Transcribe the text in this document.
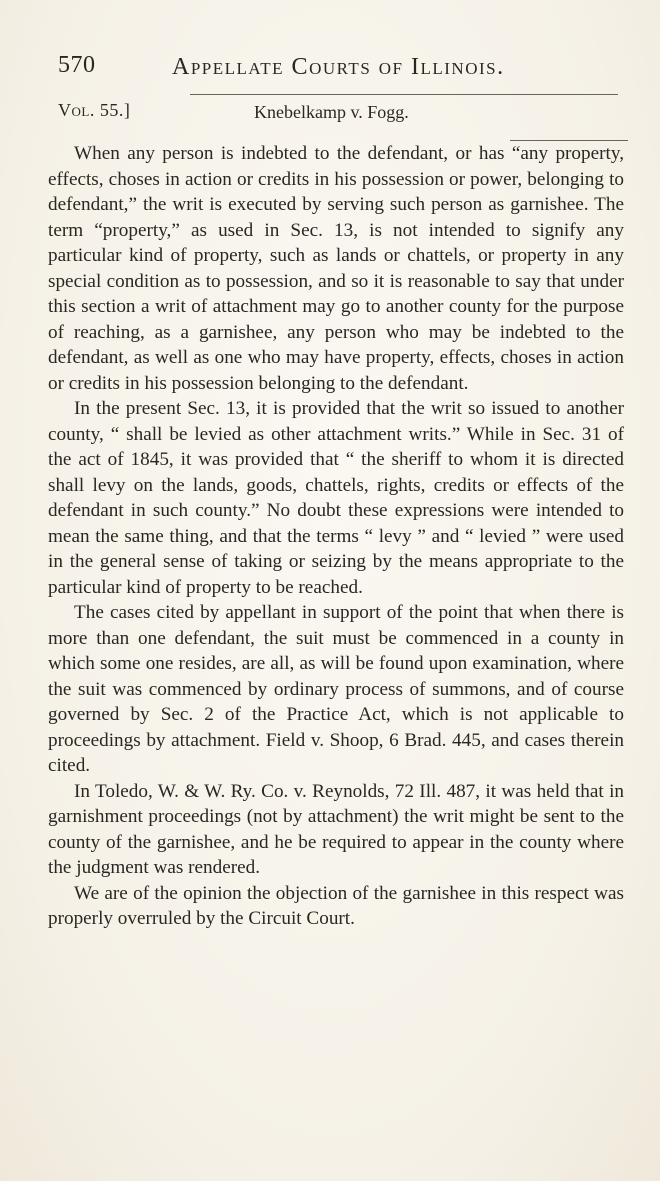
570	Appellate Courts of Illinois.
Vol. 55.]	Knebelkamp v. Fogg.

When any person is indebted to the defendant, or has “any property, effects, choses in action or credits in his possession or power, belonging to defendant,” the writ is executed by serving such person as garnishee. The term “property,” as used in Sec. 13, is not intended to signify any particular kind of property, such as lands or chattels, or property in any special condition as to possession, and so it is reasonable to say that under this section a writ of attachment may go to another county for the purpose of reaching, as a garnishee, any person who may be indebted to the defendant, as well as one who may have property, effects, choses in action or credits in his possession belonging to the defendant.

In the present Sec. 13, it is provided that the writ so issued to another county, “ shall be levied as other attachment writs.” While in Sec. 31 of the act of 1845, it was provided that “ the sheriff to whom it is directed shall levy on the lands, goods, chattels, rights, credits or effects of the defendant in such county.” No doubt these expressions were intended to mean the same thing, and that the terms “ levy ” and “ levied ” were used in the general sense of taking or seizing by the means appropriate to the particular kind of property to be reached.

The cases cited by appellant in support of the point that when there is more than one defendant, the suit must be commenced in a county in which some one resides, are all, as will be found upon examination, where the suit was commenced by ordinary process of summons, and of course governed by Sec. 2 of the Practice Act, which is not applicable to proceedings by attachment. Field v. Shoop, 6 Brad. 445, and cases therein cited.

In Toledo, W. & W. Ry. Co. v. Reynolds, 72 Ill. 487, it was held that in garnishment proceedings (not by attachment) the writ might be sent to the county of the garnishee, and he be required to appear in the county where the judgment was rendered.

We are of the opinion the objection of the garnishee in this respect was properly overruled by the Circuit Court.
